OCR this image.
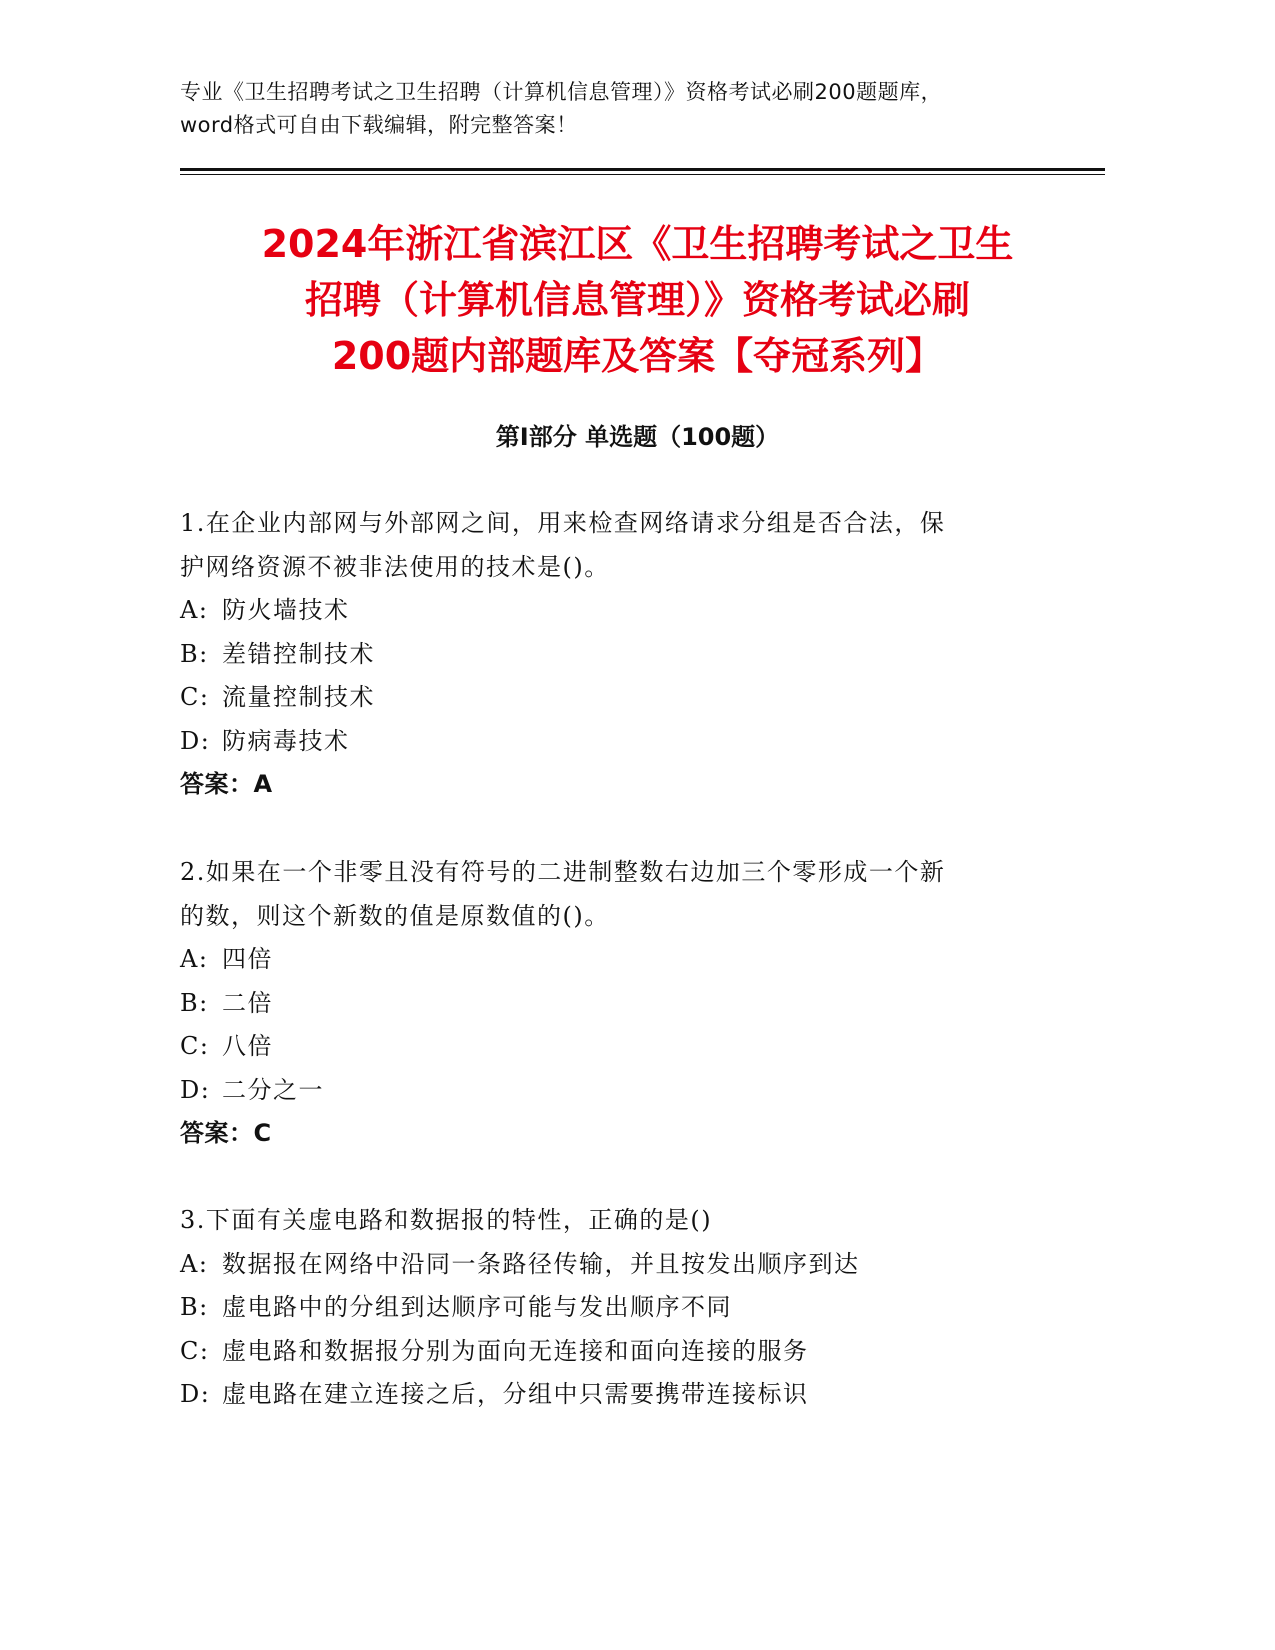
专业《卫生招聘考试之卫生招聘（计算机信息管理）》资格考试必刷200题题库，
word格式可自由下载编辑，附完整答案！
2024年浙江省滨江区《卫生招聘考试之卫生
招聘（计算机信息管理）》资格考试必刷
200题内部题库及答案【夺冠系列】
第Ⅰ部分 单选题（100题）
1.在企业内部网与外部网之间，用来检查网络请求分组是否合法，保
护网络资源不被非法使用的技术是()。
A: 防火墙技术
B: 差错控制技术
C: 流量控制技术
D: 防病毒技术
答案：A
2.如果在一个非零且没有符号的二进制整数右边加三个零形成一个新
的数，则这个新数的值是原数值的()。
A: 四倍
B: 二倍
C: 八倍
D: 二分之一
答案：C
3.下面有关虚电路和数据报的特性，正确的是()
A: 数据报在网络中沿同一条路径传输，并且按发出顺序到达
B: 虚电路中的分组到达顺序可能与发出顺序不同
C: 虚电路和数据报分别为面向无连接和面向连接的服务
D: 虚电路在建立连接之后，分组中只需要携带连接标识
